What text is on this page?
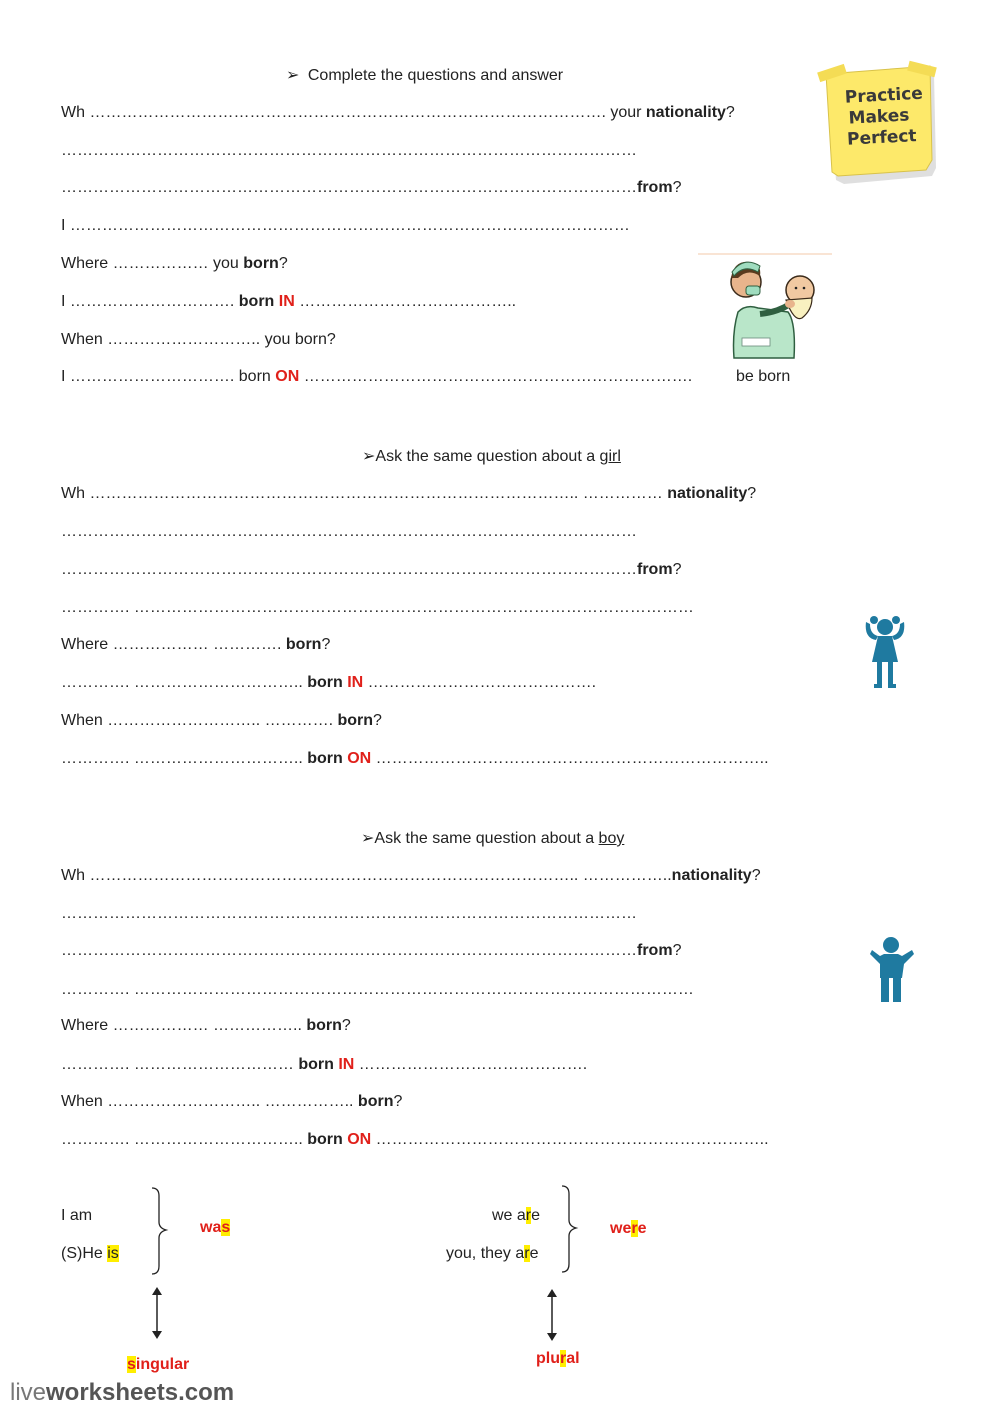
Practice
Makes
Perfect
➢ Complete the questions and answer
Wh ……………………………………………………………………………………. your nationality?
………………………………………………………………………………………………
………………………………………………………………………………………………from?
I ……………………………………………………………………………………………
Where ……………… you born?
I …………………………. born IN …………………………………..
When ……………………….. you born?
I …………………………. born ON ……………………………………………………………….	be born
➢Ask the same question about a girl
Wh ……………………………………………………………………………….. …………… nationality?
………………………………………………………………………………………………
………………………………………………………………………………………………from?
…………. ……………………………………………………………………………………………
Where ……………… …………. born?
…………. ………………………….. born IN …………………………………….
When ……………………….. …………. born?
…………. ………………………….. born ON ………………………………………………………………..
➢Ask the same question about a boy
Wh ……………………………………………………………………………….. ……………..nationality?
………………………………………………………………………………………………
………………………………………………………………………………………………from?
…………. ……………………………………………………………………………………………
Where ……………… …………….. born?
…………. ………………………… born IN …………………………………….
When ……………………….. …………….. born?
…………. ………………………….. born ON ………………………………………………………………..
I am
(S)He is
was
we are
you, they are
were
singular	plural
liveworksheets.com
